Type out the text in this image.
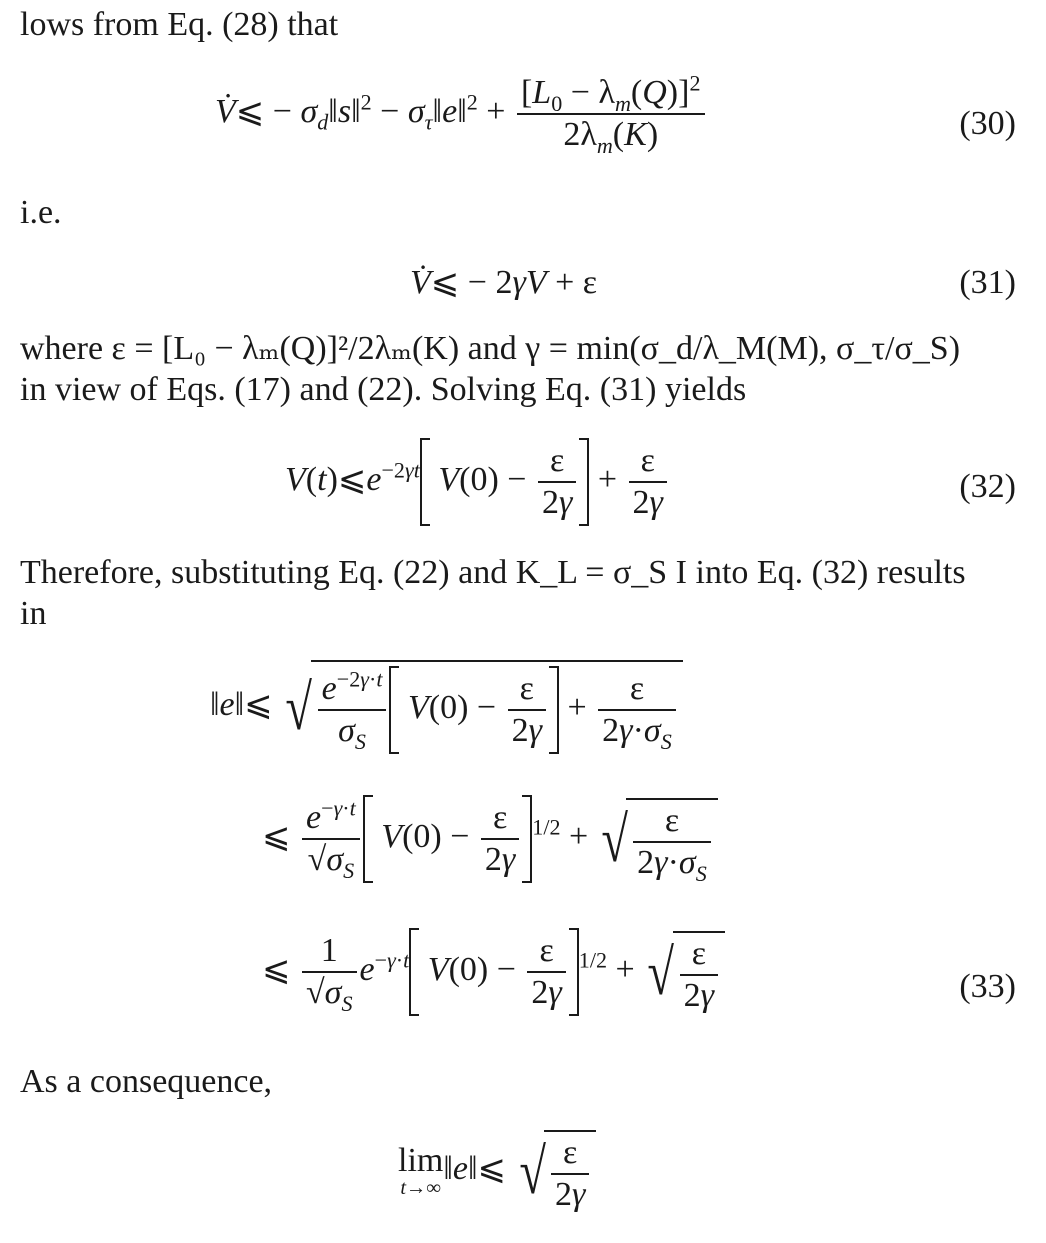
lows from Eq. (28) that
V̇⩽ − $\sigma_d‖s‖^2$ − $\sigma_\tau‖e‖^2 + \frac{[L_0 - \lambda_m(Q)]^2}{2\lambda_m(K)}$	(30)
i.e.
V̇⩽ − 2γV + ε	(31)
where ε = [L₀ − λₘ(Q)]²/2λₘ(K) and γ = min(σ_d/λ_M(M), σ_τ/σ_S)
in view of Eqs. (17) and (22). Solving Eq. (31) yields
$V(t)⩽e^{-2\gamma t}$ $V(0) - \frac{\varepsilon}{2\gamma} + \frac{\varepsilon}{2\gamma}$	(32)
Therefore, substituting Eq. (22) and K_L = σ_S I into Eq. (32) results
in
‖e‖⩽ √ $\frac{e^{-2\gamma\cdot t}}{\sigma_S} V(0) - \frac{\varepsilon}{2\gamma} + \frac{\varepsilon}{2\gamma\cdot\sigma_S}$
⩽ $\frac{e^{-\gamma\cdot t}}{√\sigma_S} V(0) - \frac{\varepsilon}{2\gamma} ^{1/2}$ + √ $\frac{\varepsilon}{2\gamma\cdot\sigma_S}$
⩽ $\frac{1}{√\sigma_S} e^{-\gamma\cdot t}$ $V(0) - \frac{\varepsilon}{2\gamma} ^{1/2}$ + √ $\frac{\varepsilon}{2\gamma}$	(33)
As a consequence,
lim
t→∞
‖e‖⩽ √ $\frac{\varepsilon}{2\gamma}$
